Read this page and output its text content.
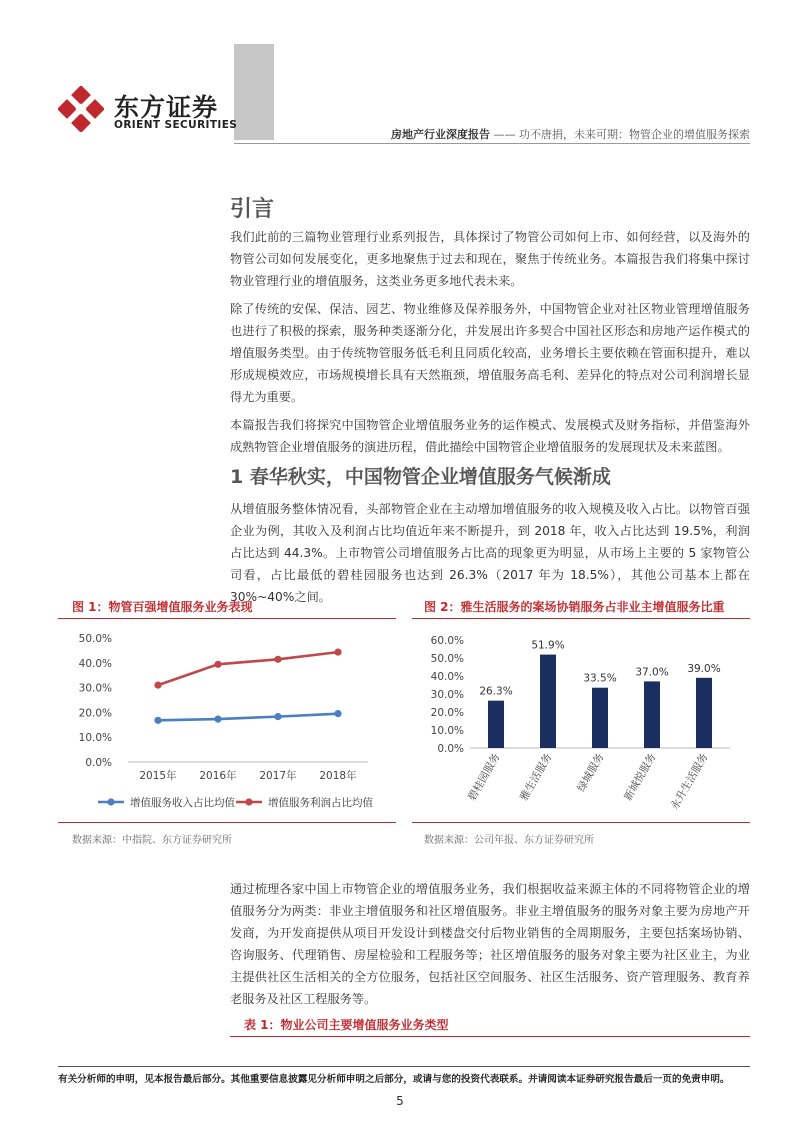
东方证券
ORIENT SECURITIES
房地产行业深度报告 —— 功不唐捐，未来可期：物管企业的增值服务探索
引言

我们此前的三篇物业管理行业系列报告，具体探讨了物管公司如何上市、如何经营，以及海外的物管公司如何发展变化，更多地聚焦于过去和现在，聚焦于传统业务。本篇报告我们将集中探讨物业管理行业的增值服务，这类业务更多地代表未来。

除了传统的安保、保洁、园艺、物业维修及保养服务外，中国物管企业对社区物业管理增值服务也进行了积极的探索，服务种类逐渐分化，并发展出许多契合中国社区形态和房地产运作模式的增值服务类型。由于传统物管服务低毛利且同质化较高，业务增长主要依赖在管面积提升，难以形成规模效应，市场规模增长具有天然瓶颈，增值服务高毛利、差异化的特点对公司利润增长显得尤为重要。

本篇报告我们将探究中国物管企业增值服务业务的运作模式、发展模式及财务指标，并借鉴海外成熟物管企业增值服务的演进历程，借此描绘中国物管企业增值服务的发展现状及未来蓝图。

1 春华秋实，中国物管企业增值服务气候渐成

从增值服务整体情况看，头部物管企业在主动增加增值服务的收入规模及收入占比。以物管百强企业为例，其收入及利润占比均值近年来不断提升，到 2018 年，收入占比达到 19.5%，利润占比达到 44.3%。上市物管公司增值服务占比高的现象更为明显，从市场上主要的 5 家物管公司看，占比最低的碧桂园服务也达到 26.3%（2017 年为 18.5%），其他公司基本上都在 30%~40%之间。

图 1：物管百强增值服务业务表现
0.0%
10.0%
20.0%
30.0%
40.0%
50.0%
2015年 2016年 2017年 2018年
增值服务收入占比均值	增值服务利润占比均值
数据来源：中指院、东方证券研究所
图 2：雅生活服务的案场协销服务占非业主增值服务比重
0.0%
10.0%
20.0%
30.0%
40.0%
50.0%
60.0%
26.3%
碧桂园服务
51.9%
雅生活服务
33.5%
绿城服务
37.0%
新城悦服务
39.0%
永升生活服务
数据来源：公司年报、东方证券研究所

通过梳理各家中国上市物管企业的增值服务业务，我们根据收益来源主体的不同将物管企业的增值服务分为两类：非业主增值服务和社区增值服务。非业主增值服务的服务对象主要为房地产开发商，为开发商提供从项目开发设计到楼盘交付后物业销售的全周期服务，主要包括案场协销、咨询服务、代理销售、房屋检验和工程服务等；社区增值服务的服务对象主要为社区业主，为业主提供社区生活相关的全方位服务，包括社区空间服务、社区生活服务、资产管理服务、教育养老服务及社区工程服务等。

表 1：物业公司主要增值服务业务类型
有关分析师的申明，见本报告最后部分。其他重要信息披露见分析师申明之后部分，或请与您的投资代表联系。并请阅读本证券研究报告最后一页的免责申明。
5
